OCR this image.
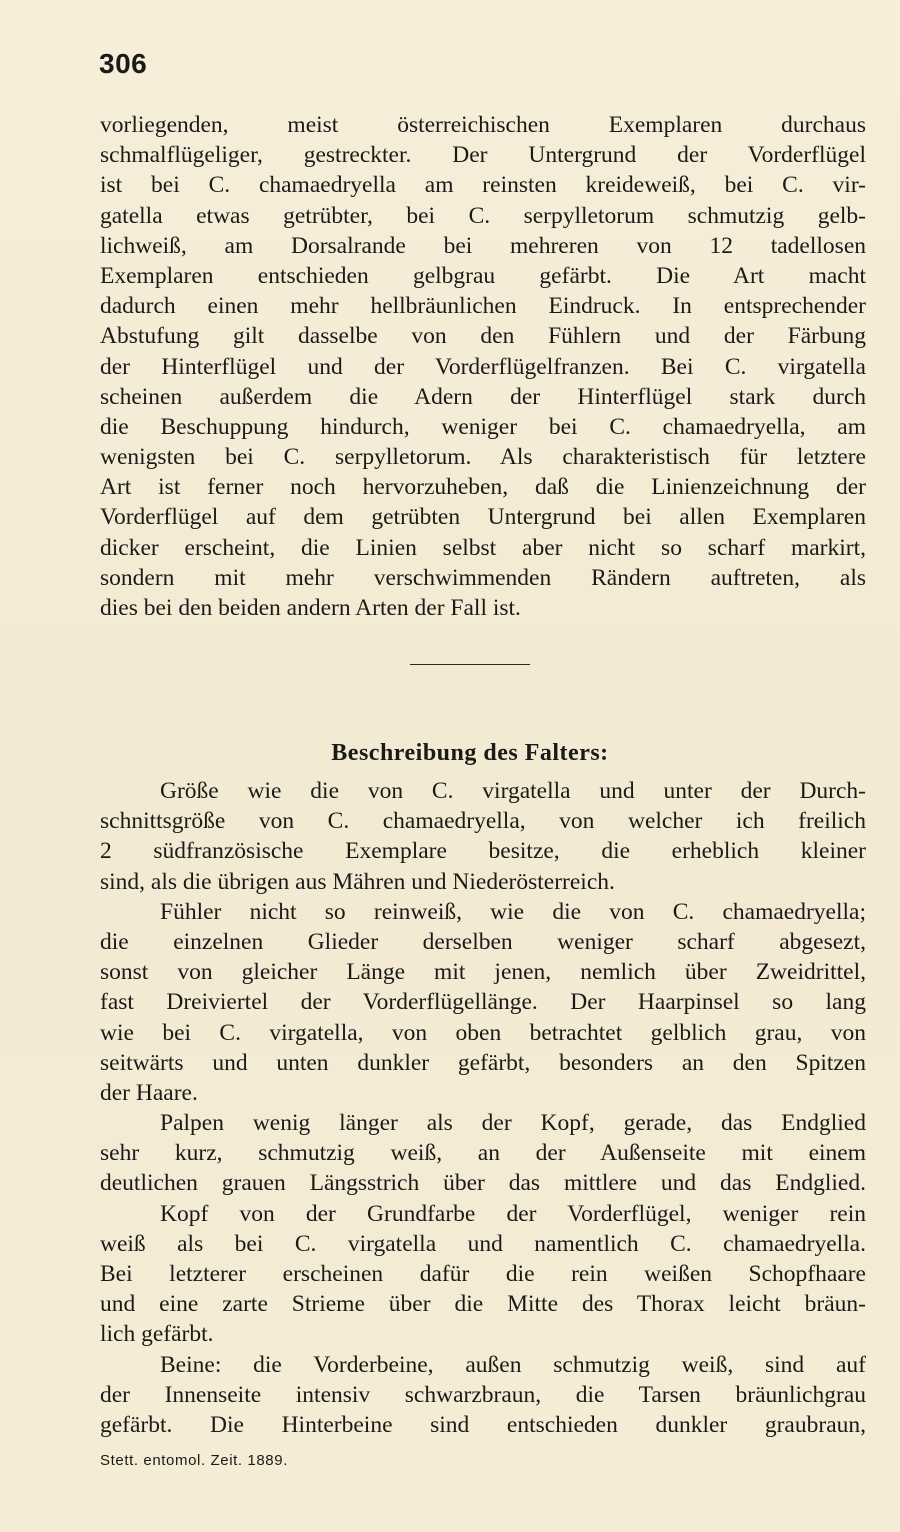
306
vorliegenden, meist österreichischen Exemplaren durchaus
schmalflügeliger, gestreckter. Der Untergrund der Vorderflügel
ist bei C. chamaedryella am reinsten kreideweiß, bei C. vir-
gatella etwas getrübter, bei C. serpylletorum schmutzig gelb-
lichweiß, am Dorsalrande bei mehreren von 12 tadellosen
Exemplaren entschieden gelbgrau gefärbt. Die Art macht
dadurch einen mehr hellbräunlichen Eindruck. In entsprechender
Abstufung gilt dasselbe von den Fühlern und der Färbung
der Hinterflügel und der Vorderflügelfranzen. Bei C. virgatella
scheinen außerdem die Adern der Hinterflügel stark durch
die Beschuppung hindurch, weniger bei C. chamaedryella, am
wenigsten bei C. serpylletorum. Als charakteristisch für letztere
Art ist ferner noch hervorzuheben, daß die Linienzeichnung der
Vorderflügel auf dem getrübten Untergrund bei allen Exemplaren
dicker erscheint, die Linien selbst aber nicht so scharf markirt,
sondern mit mehr verschwimmenden Rändern auftreten, als
dies bei den beiden andern Arten der Fall ist.
Beschreibung des Falters:
Größe wie die von C. virgatella und unter der Durch-
schnittsgröße von C. chamaedryella, von welcher ich freilich
2 südfranzösische Exemplare besitze, die erheblich kleiner
sind, als die übrigen aus Mähren und Niederösterreich.
Fühler nicht so reinweiß, wie die von C. chamaedryella;
die einzelnen Glieder derselben weniger scharf abgesezt,
sonst von gleicher Länge mit jenen, nemlich über Zweidrittel,
fast Dreiviertel der Vorderflügellänge. Der Haarpinsel so lang
wie bei C. virgatella, von oben betrachtet gelblich grau, von
seitwärts und unten dunkler gefärbt, besonders an den Spitzen
der Haare.
Palpen wenig länger als der Kopf, gerade, das Endglied
sehr kurz, schmutzig weiß, an der Außenseite mit einem
deutlichen grauen Längsstrich über das mittlere und das Endglied.
Kopf von der Grundfarbe der Vorderflügel, weniger rein
weiß als bei C. virgatella und namentlich C. chamaedryella.
Bei letzterer erscheinen dafür die rein weißen Schopfhaare
und eine zarte Strieme über die Mitte des Thorax leicht bräun-
lich gefärbt.
Beine: die Vorderbeine, außen schmutzig weiß, sind auf
der Innenseite intensiv schwarzbraun, die Tarsen bräunlichgrau
gefärbt. Die Hinterbeine sind entschieden dunkler graubraun,
Stett. entomol. Zeit. 1889.
